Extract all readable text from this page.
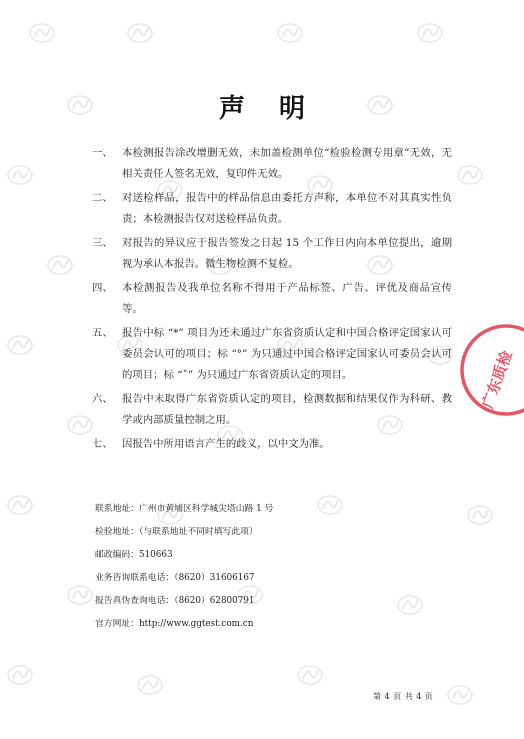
声明
一、 本检测报告涂改增删无效，未加盖检测单位“检验检测专用章”无效，无相关责任人签名无效，复印件无效。
二、 对送检样品，报告中的样品信息由委托方声称，本单位不对其真实性负责；本检测报告仅对送检样品负责。
三、 对报告的异议应于报告签发之日起 15 个工作日内向本单位提出，逾期视为承认本报告。微生物检测不复检。
四、 本检测报告及我单位名称不得用于产品标签、广告、评优及商品宣传等。
五、 报告中标 “*” 项目为还未通过广东省资质认定和中国合格评定国家认可委员会认可的项目；标 “°” 为只通过中国合格评定国家认可委员会认可的项目；标 “˅” 为只通过广东省资质认定的项目。
六、 报告中未取得广东省资质认定的项目，检测数据和结果仅作为科研、教学或内部质量控制之用。
七、 因报告中所用语言产生的歧义，以中文为准。
联系地址：广州市黄埔区科学城尖塔山路 1 号
检验地址：（与联系地址不同时填写此项）
邮政编码：510663
业务咨询联系电话：（8620）31606167
报告真伪查询电话：（8620）62800791
官方网址：http://www.ggtest.com.cn
第 4 页 共 4 页
广东质检
